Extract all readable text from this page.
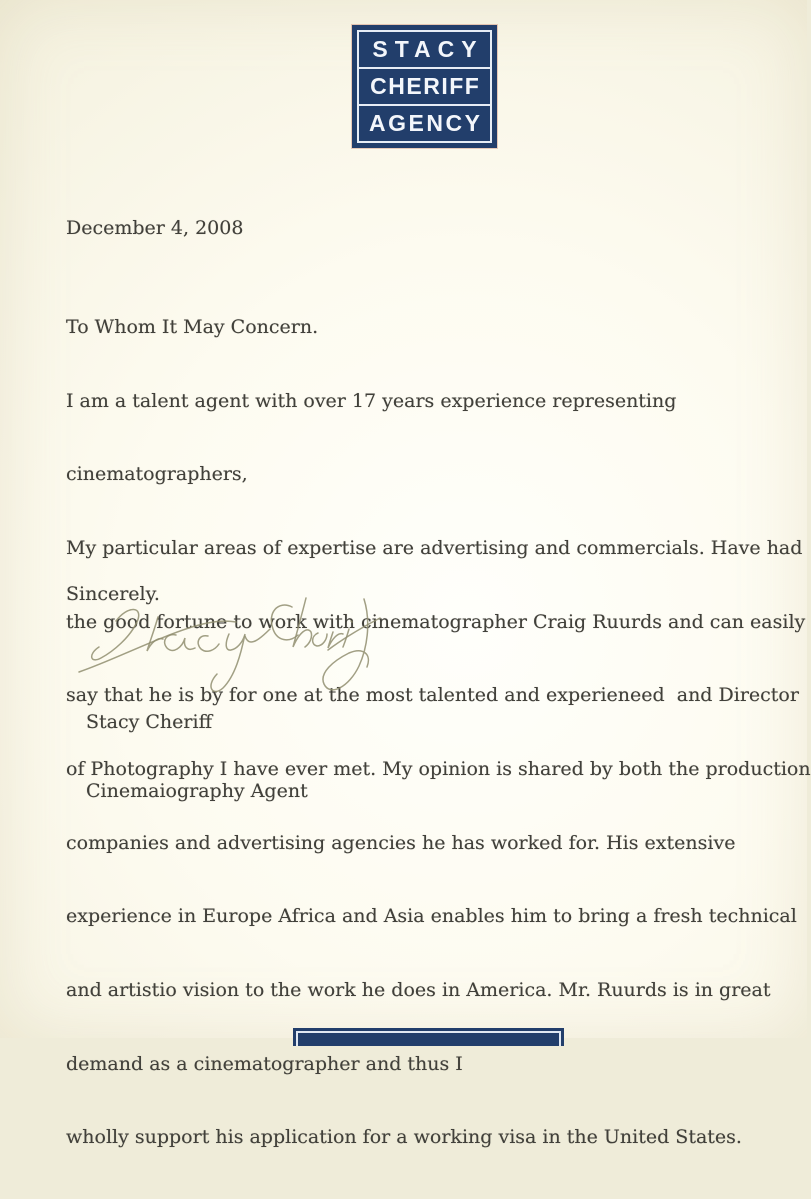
STACY
CHERIFF
AGENCY
December 4, 2008

To Whom It May Concern.

I am a talent agent with over 17 years experience representing

cinematographers,

My particular areas of expertise are advertising and commercials. Have had

the good fortune to work with cinematographer Craig Ruurds and can easily

say that he is by for one at the most talented and experieneed  and Director

of Photography I have ever met. My opinion is shared by both the production

companies and advertising agencies he has worked for. His extensive

experience in Europe Africa and Asia enables him to bring a fresh technical

and artistio vision to the work he does in America. Mr. Ruurds is in great

demand as a cinematographer and thus I

wholly support his application for a working visa in the United States.

Sincerely.

Stacy Cheriff

Cinemaiography Agent
